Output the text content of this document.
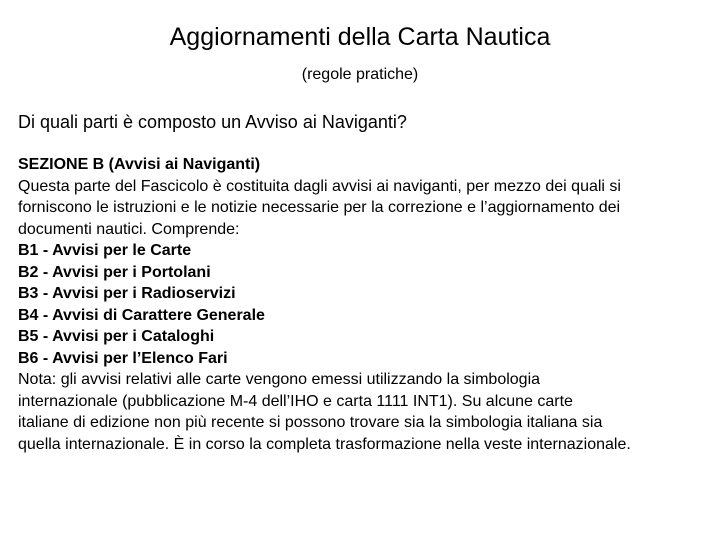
Aggiornamenti della Carta Nautica
(regole pratiche)
Di quali parti è composto un Avviso ai Naviganti?
SEZIONE B (Avvisi ai Naviganti)
Questa parte del Fascicolo è costituita dagli avvisi ai naviganti, per mezzo dei quali si
forniscono le istruzioni e le notizie necessarie per la correzione e l’aggiornamento dei
documenti nautici. Comprende:
B1 - Avvisi per le Carte
B2 - Avvisi per i Portolani
B3 - Avvisi per i Radioservizi
B4 - Avvisi di Carattere Generale
B5 - Avvisi per i Cataloghi
B6 - Avvisi per l’Elenco Fari
Nota: gli avvisi relativi alle carte vengono emessi utilizzando la simbologia
internazionale (pubblicazione M-4 dell’IHO e carta 1111 INT1). Su alcune carte
italiane di edizione non più recente si possono trovare sia la simbologia italiana sia
quella internazionale. È in corso la completa trasformazione nella veste internazionale.
